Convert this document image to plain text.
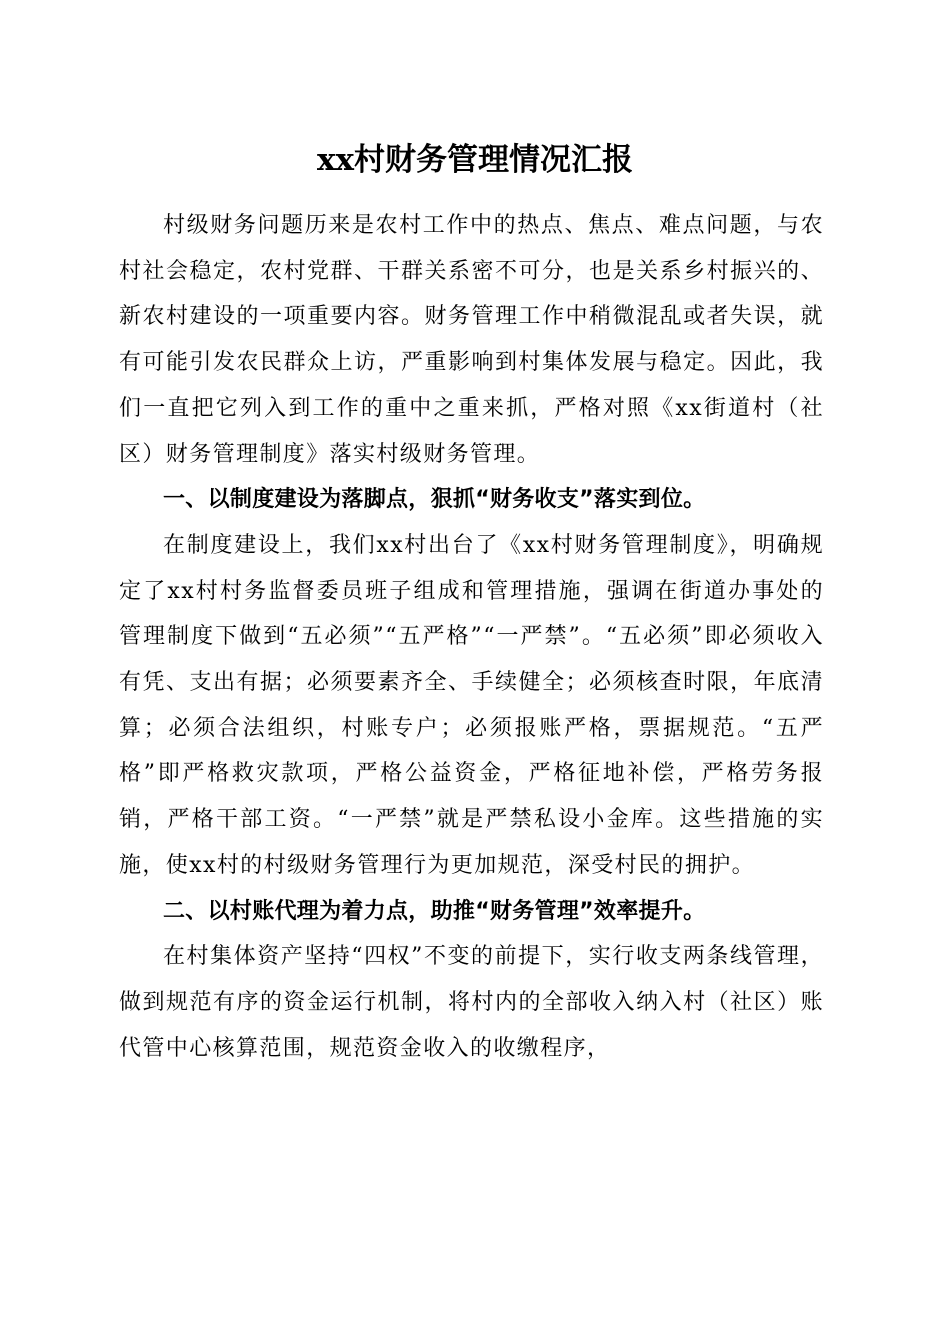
xx村财务管理情况汇报

村级财务问题历来是农村工作中的热点、焦点、难点问题，与农村社会稳定，农村党群、干群关系密不可分，也是关系乡村振兴的、新农村建设的一项重要内容。财务管理工作中稍微混乱或者失误，就有可能引发农民群众上访，严重影响到村集体发展与稳定。因此，我们一直把它列入到工作的重中之重来抓，严格对照《xx街道村（社区）财务管理制度》落实村级财务管理。

一、以制度建设为落脚点，狠抓“财务收支”落实到位。

在制度建设上，我们xx村出台了《xx村财务管理制度》，明确规定了xx村村务监督委员班子组成和管理措施，强调在街道办事处的管理制度下做到“五必须”“五严格”“一严禁”。“五必须”即必须收入有凭、支出有据；必须要素齐全、手续健全；必须核查时限，年底清算；必须合法组织，村账专户；必须报账严格，票据规范。“五严格”即严格救灾款项，严格公益资金，严格征地补偿，严格劳务报销，严格干部工资。“一严禁”就是严禁私设小金库。这些措施的实施，使xx村的村级财务管理行为更加规范，深受村民的拥护。

二、以村账代理为着力点，助推“财务管理”效率提升。

在村集体资产坚持“四权”不变的前提下，实行收支两条线管理，做到规范有序的资金运行机制，将村内的全部收入纳入村（社区）账代管中心核算范围，规范资金收入的收缴程序，
